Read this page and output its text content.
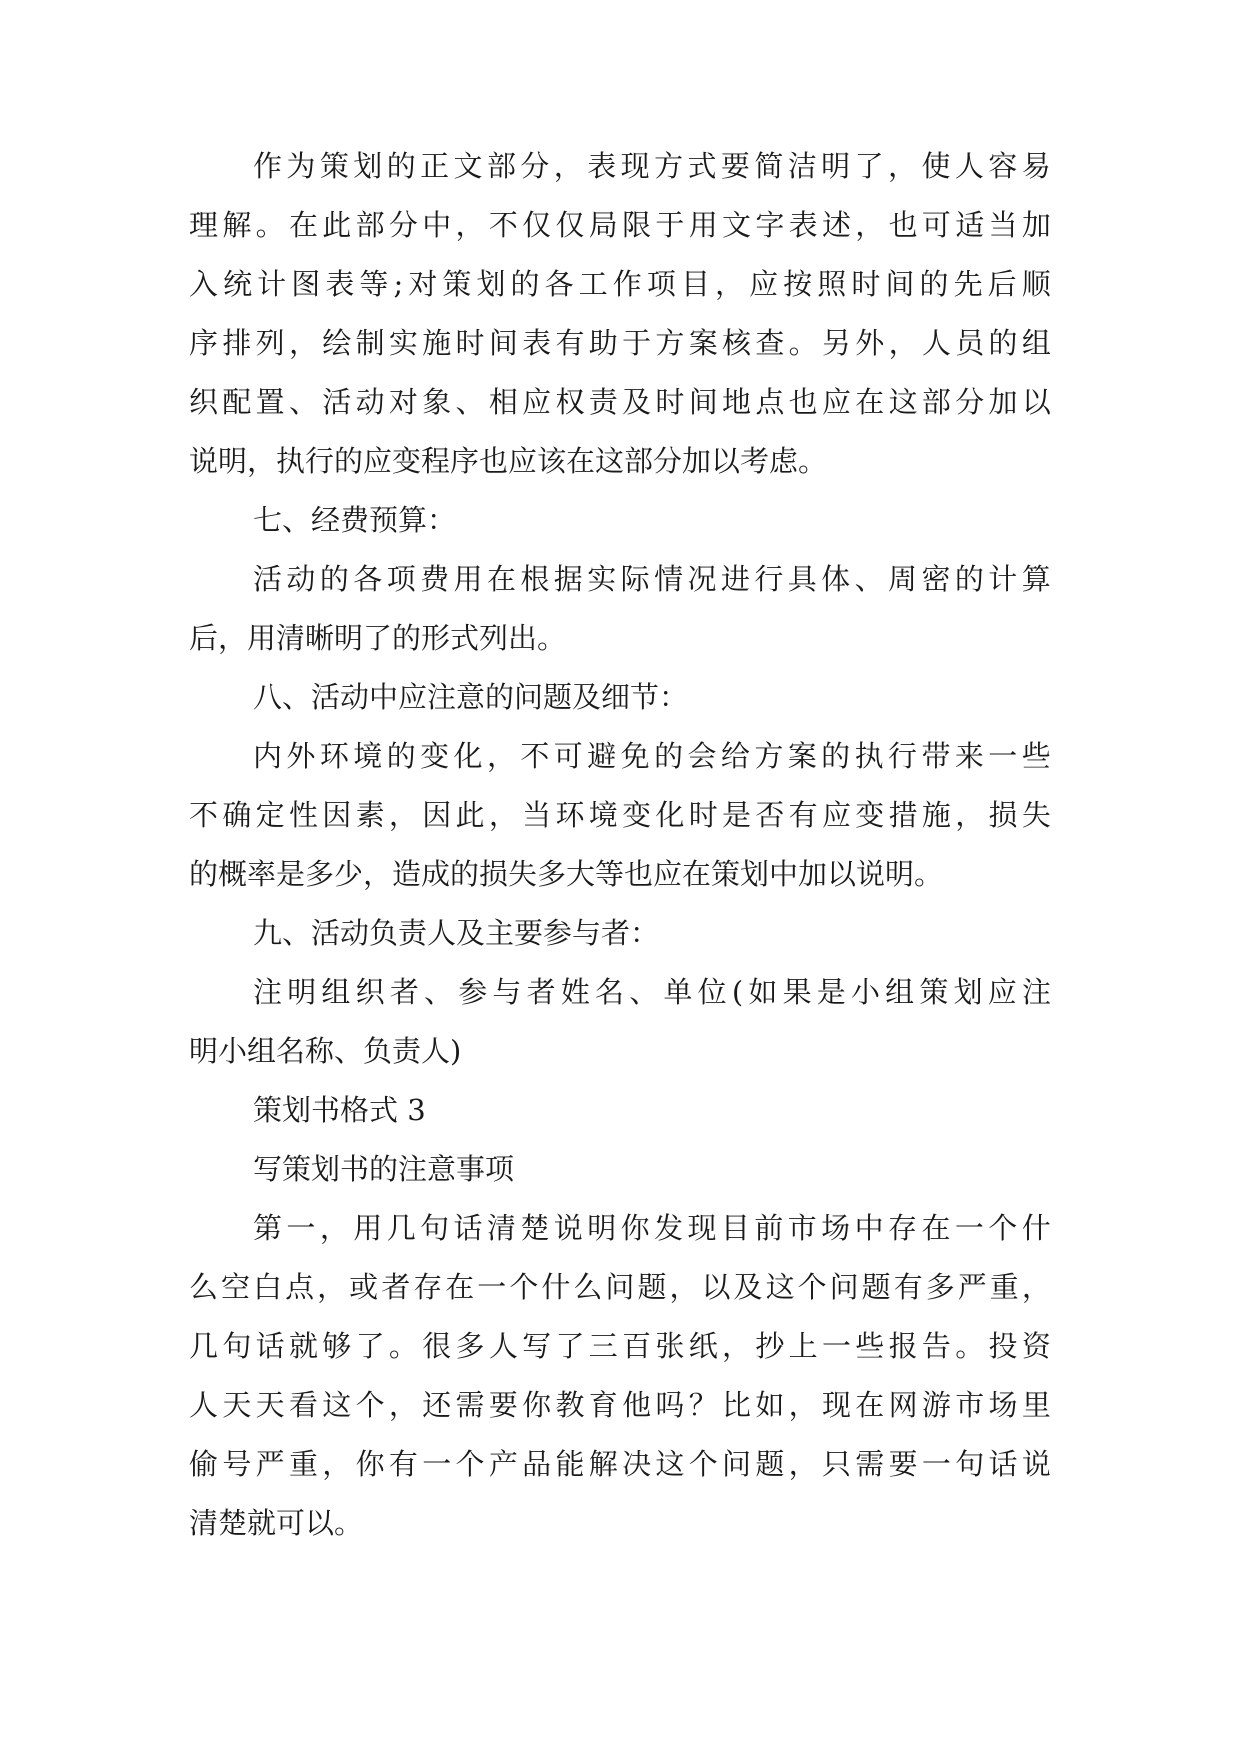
作 为 策 划 的 正 文 部 分 ， 表 现 方 式 要 简 洁 明 了 ， 使 人 容 易
理 解 。 在 此 部 分 中 ， 不 仅 仅 局 限 于 用 文 字 表 述 ， 也 可 适 当 加
入 统 计 图 表 等 ; 对 策 划 的 各 工 作 项 目 ， 应 按 照 时 间 的 先 后 顺
序 排 列 ， 绘 制 实 施 时 间 表 有 助 于 方 案 核 查 。 另 外 ， 人 员 的 组
织 配 置 、 活 动 对 象 、 相 应 权 责 及 时 间 地 点 也 应 在 这 部 分 加 以
说明，执行的应变程序也应该在这部分加以考虑。
七、经费预算：
活 动 的 各 项 费 用 在 根 据 实 际 情 况 进 行 具 体 、 周 密 的 计 算
后，用清晰明了的形式列出。
八、活动中应注意的问题及细节：
内 外 环 境 的 变 化 ， 不 可 避 免 的 会 给 方 案 的 执 行 带 来 一 些
不 确 定 性 因 素 ， 因 此 ， 当 环 境 变 化 时 是 否 有 应 变 措 施 ， 损 失
的概率是多少，造成的损失多大等也应在策划中加以说明。
九、活动负责人及主要参与者：
注 明 组 织 者 、 参 与 者 姓 名 、 单 位 ( 如 果 是 小 组 策 划 应 注
明小组名称、负责人)
策划书格式 3
写策划书的注意事项
第 一 ， 用 几 句 话 清 楚 说 明 你 发 现 目 前 市 场 中 存 在 一 个 什
么 空 白 点 ， 或 者 存 在 一 个 什 么 问 题 ， 以 及 这 个 问 题 有 多 严 重 ，
几 句 话 就 够 了 。 很 多 人 写 了 三 百 张 纸 ， 抄 上 一 些 报 告 。 投 资
人 天 天 看 这 个 ， 还 需 要 你 教 育 他 吗 ？ 比 如 ， 现 在 网 游 市 场 里
偷 号 严 重 ， 你 有 一 个 产 品 能 解 决 这 个 问 题 ， 只 需 要 一 句 话 说
清楚就可以。
